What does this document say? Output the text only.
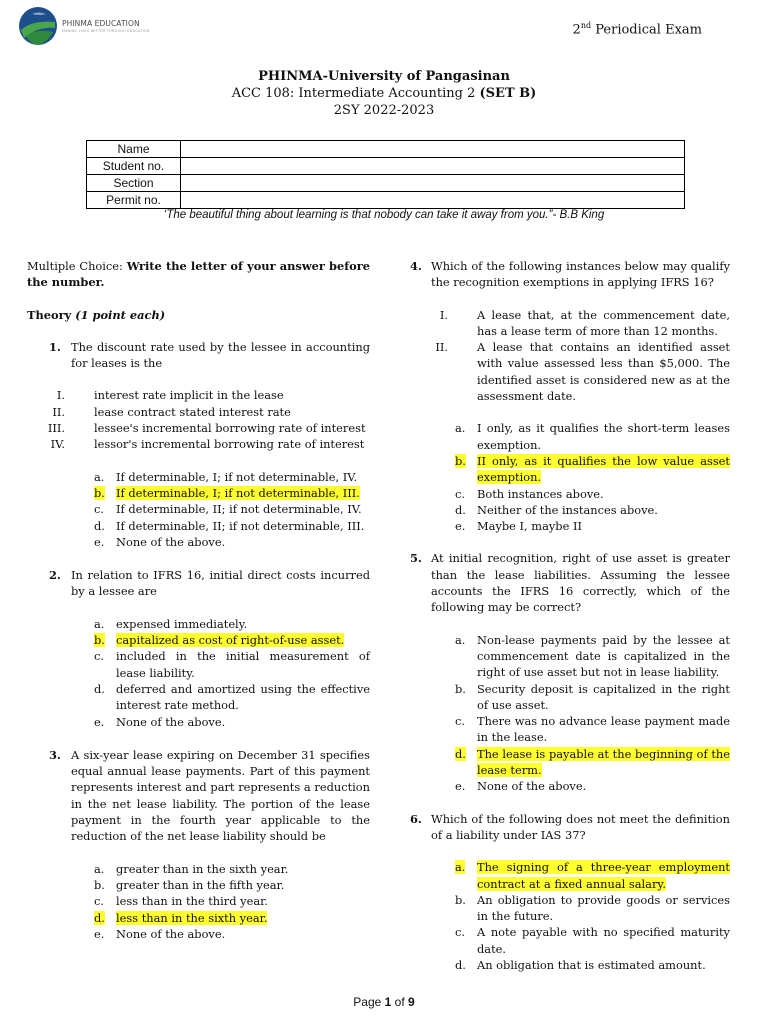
PHINMA EDUCATION
MAKING LIVES BETTER THROUGH EDUCATION	2nd Periodical Exam
PHINMA-University of Pangasinan
ACC 108: Intermediate Accounting 2 (SET B)
2SY 2022-2023
Name	
Student no.	
Section	
Permit no.	
‘The beautiful thing about learning is that nobody can take it away from you.”- B.B King

Multiple Choice: Write the letter of your answer before the number.

Theory (1 point each)

1. The discount rate used by the lessee in accounting for leases is the
I.	interest rate implicit in the lease
II.	lease contract stated interest rate
III.	lessee's incremental borrowing rate of interest
IV.	lessor's incremental borrowing rate of interest
a.	If determinable, I; if not determinable, IV.
b. If determinable, I; if not determinable, III.
c.	If determinable, II; if not determinable, IV.
d. If determinable, II; if not determinable, III.
e.	None of the above.
2. In relation to IFRS 16, initial direct costs incurred by a lessee are
a.	expensed immediately.
b. capitalized as cost of right-of-use asset.
c.	included in the initial measurement of lease liability.
d. deferred and amortized using the effective interest rate method.
e.	None of the above.
3. A six-year lease expiring on December 31 specifies equal annual lease payments. Part of this payment represents interest and part represents a reduction in the net lease liability. The portion of the lease payment in the fourth year applicable to the reduction of the net lease liability should be
a.	greater than in the sixth year.
b. greater than in the fifth year.
c.	less than in the third year.
d. less than in the sixth year.
e.	None of the above.
4. Which of the following instances below may qualify the recognition exemptions in applying IFRS 16?
I.	A lease that, at the commencement date, has a lease term of more than 12 months.
II.	A lease that contains an identified asset with value assessed less than $5,000. The identified asset is considered new as at the assessment date.
a.	I only, as it qualifies the short-term leases exemption.
b. II only, as it qualifies the low value asset exemption.
c.	Both instances above.
d. Neither of the instances above.
e.	Maybe I, maybe II
5. At initial recognition, right of use asset is greater than the lease liabilities. Assuming the lessee accounts the IFRS 16 correctly, which of the following may be correct?
a.	Non-lease payments paid by the lessee at commencement date is capitalized in the right of use asset but not in lease liability.
b. Security deposit is capitalized in the right of use asset.
c.	There was no advance lease payment made in the lease.
d. The lease is payable at the beginning of the lease term.
e.	None of the above.
6. Which of the following does not meet the definition of a liability under IAS 37?
a.	The signing of a three-year employment contract at a fixed annual salary.
b. An obligation to provide goods or services in the future.
c.	A note payable with no specified maturity date.
d. An obligation that is estimated amount.
Page 1 of 9
